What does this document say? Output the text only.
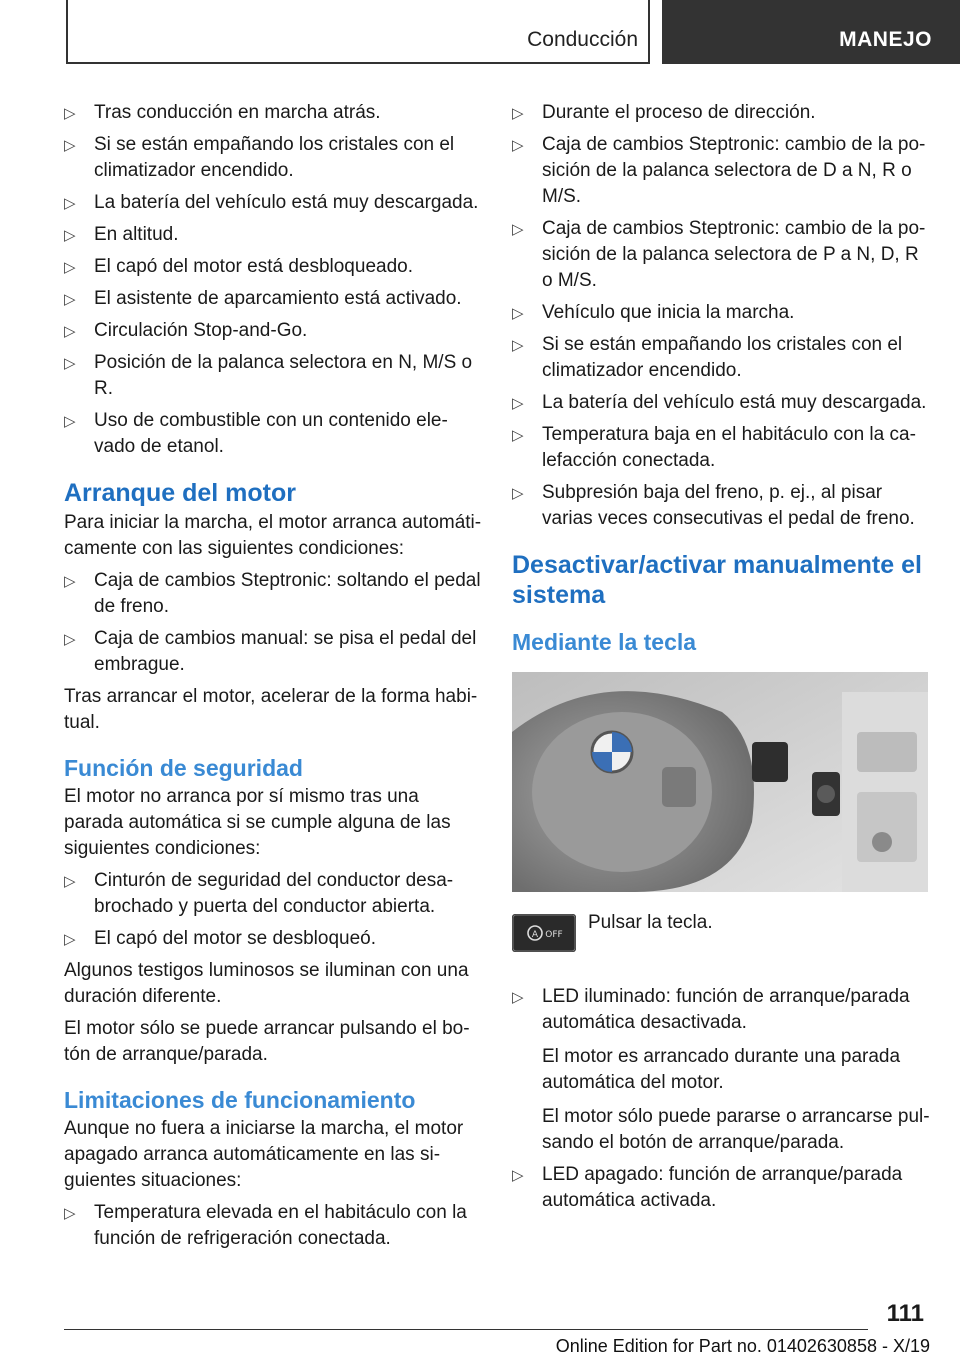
Conducción	MANEJO
▷ Tras conducción en marcha atrás.
▷ Si se están empañando los cristales con el climatizador encendido.
▷ La batería del vehículo está muy descargada.
▷ En altitud.
▷ El capó del motor está desbloqueado.
▷ El asistente de aparcamiento está activado.
▷ Circulación Stop-and-Go.
▷ Posición de la palanca selectora en N, M/S o R.
▷ Uso de combustible con un contenido elevado de etanol.
Arranque del motor

Para iniciar la marcha, el motor arranca automáticamente con las siguientes condiciones:

▷ Caja de cambios Steptronic: soltando el pedal de freno.
▷ Caja de cambios manual: se pisa el pedal del embrague.

Tras arrancar el motor, acelerar de la forma habitual.

Función de seguridad

El motor no arranca por sí mismo tras una parada automática si se cumple alguna de las siguientes condiciones:

▷ Cinturón de seguridad del conductor desabrochado y puerta del conductor abierta.
▷ El capó del motor se desbloqueó.

Algunos testigos luminosos se iluminan con una duración diferente.

El motor sólo se puede arrancar pulsando el botón de arranque/parada.

Limitaciones de funcionamiento

Aunque no fuera a iniciarse la marcha, el motor apagado arranca automáticamente en las siguientes situaciones:

▷ Temperatura elevada en el habitáculo con la función de refrigeración conectada.
▷ Durante el proceso de dirección.
▷ Caja de cambios Steptronic: cambio de la posición de la palanca selectora de D a N, R o M/S.
▷ Caja de cambios Steptronic: cambio de la posición de la palanca selectora de P a N, D, R o M/S.
▷ Vehículo que inicia la marcha.
▷ Si se están empañando los cristales con el climatizador encendido.
▷ La batería del vehículo está muy descargada.
▷ Temperatura baja en el habitáculo con la calefacción conectada.
▷ Subpresión baja del freno, p. ej., al pisar varias veces consecutivas el pedal de freno.
Desactivar/activar manualmente el sistema
Mediante la tecla
A OFF
Pulsar la tecla.
▷ LED iluminado: función de arranque/parada automática desactivada.
El motor es arrancado durante una parada automática del motor.
El motor sólo puede pararse o arrancarse pulsando el botón de arranque/parada.
▷ LED apagado: función de arranque/parada automática activada.
111
Online Edition for Part no. 01402630858 - X/19
